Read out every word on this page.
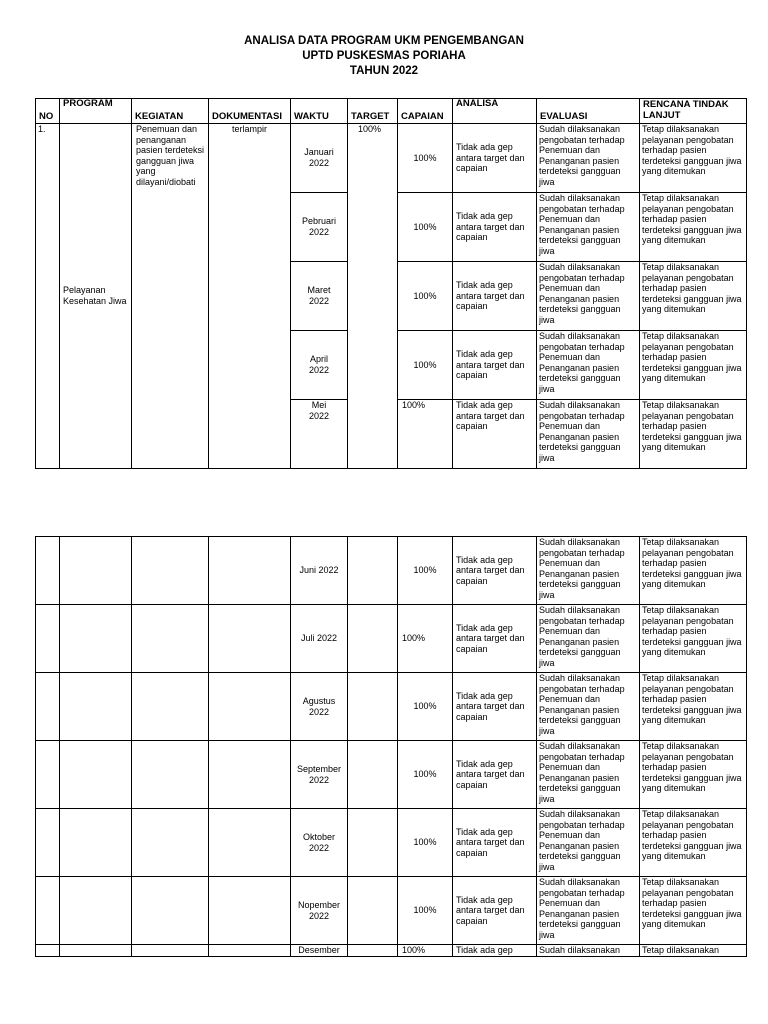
ANALISA DATA PROGRAM UKM PENGEMBANGAN
UPTD PUSKESMAS PORIAHA
TAHUN 2022
NO	PROGRAM	KEGIATAN	DOKUMENTASI	WAKTU	TARGET	CAPAIAN	ANALISA	EVALUASI	RENCANA TINDAK LANJUT
1.	Pelayanan Kesehatan Jiwa	Penemuan dan penanganan pasien terdeteksi gangguan jiwa yang dilayani/diobati	terlampir	Januari 2022	100%	100%	Tidak ada gep antara target dan capaian	Sudah dilaksanakan pengobatan terhadap Penemuan dan Penanganan pasien terdeteksi gangguan jiwa	Tetap dilaksanakan pelayanan pengobatan terhadap pasien terdeteksi gangguan jiwa yang ditemukan
				Pebruari 2022		100%	Tidak ada gep antara target dan capaian	Sudah dilaksanakan pengobatan terhadap Penemuan dan Penanganan pasien terdeteksi gangguan jiwa	Tetap dilaksanakan pelayanan pengobatan terhadap pasien terdeteksi gangguan jiwa yang ditemukan
				Maret 2022		100%	Tidak ada gep antara target dan capaian	Sudah dilaksanakan pengobatan terhadap Penemuan dan Penanganan pasien terdeteksi gangguan jiwa	Tetap dilaksanakan pelayanan pengobatan terhadap pasien terdeteksi gangguan jiwa yang ditemukan
				April 2022		100%	Tidak ada gep antara target dan capaian	Sudah dilaksanakan pengobatan terhadap Penemuan dan Penanganan pasien terdeteksi gangguan jiwa	Tetap dilaksanakan pelayanan pengobatan terhadap pasien terdeteksi gangguan jiwa yang ditemukan
				Mei 2022		100%	Tidak ada gep antara target dan capaian	Sudah dilaksanakan pengobatan terhadap Penemuan dan Penanganan pasien terdeteksi gangguan jiwa	Tetap dilaksanakan pelayanan pengobatan terhadap pasien terdeteksi gangguan jiwa yang ditemukan
				Juni 2022		100%	Tidak ada gep antara target dan capaian	Sudah dilaksanakan pengobatan terhadap Penemuan dan Penanganan pasien terdeteksi gangguan jiwa	Tetap dilaksanakan pelayanan pengobatan terhadap pasien terdeteksi gangguan jiwa yang ditemukan
				Juli 2022		100%	Tidak ada gep antara target dan capaian	Sudah dilaksanakan pengobatan terhadap Penemuan dan Penanganan pasien terdeteksi gangguan jiwa	Tetap dilaksanakan pelayanan pengobatan terhadap pasien terdeteksi gangguan jiwa yang ditemukan
				Agustus 2022		100%	Tidak ada gep antara target dan capaian	Sudah dilaksanakan pengobatan terhadap Penemuan dan Penanganan pasien terdeteksi gangguan jiwa	Tetap dilaksanakan pelayanan pengobatan terhadap pasien terdeteksi gangguan jiwa yang ditemukan
				September 2022		100%	Tidak ada gep antara target dan capaian	Sudah dilaksanakan pengobatan terhadap Penemuan dan Penanganan pasien terdeteksi gangguan jiwa	Tetap dilaksanakan pelayanan pengobatan terhadap pasien terdeteksi gangguan jiwa yang ditemukan
				Oktober 2022		100%	Tidak ada gep antara target dan capaian	Sudah dilaksanakan pengobatan terhadap Penemuan dan Penanganan pasien terdeteksi gangguan jiwa	Tetap dilaksanakan pelayanan pengobatan terhadap pasien terdeteksi gangguan jiwa yang ditemukan
				Nopember 2022		100%	Tidak ada gep antara target dan capaian	Sudah dilaksanakan pengobatan terhadap Penemuan dan Penanganan pasien terdeteksi gangguan jiwa	Tetap dilaksanakan pelayanan pengobatan terhadap pasien terdeteksi gangguan jiwa yang ditemukan
				Desember		100%	Tidak ada gep	Sudah dilaksanakan	Tetap dilaksanakan
